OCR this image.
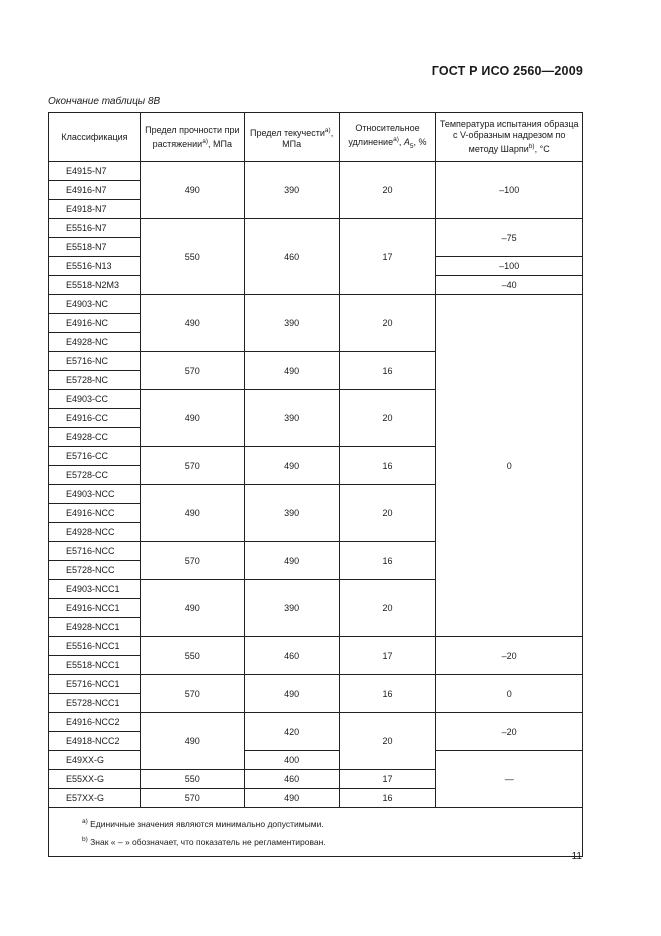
ГОСТ Р ИСО 2560—2009
Окончание таблицы 8В
Классификация	Предел прочности при растяжении$^{а)}$, МПа	Предел текучести$^{а)}$, МПа	Относительное удлинение$^{а)}$, $A_5$, %	Температура испытания образца с V-образным надрезом по методу Шарпи$^{b)}$, °С
E4915-N7	490	390	20	–100
E4916-N7				
E4918-N7				
E5516-N7	550	460	17	–75
E5518-N7				
E5516-N13				–100
E5518-N2M3				–40
E4903-NC	490	390	20	0
E4916-NC				
E4928-NC				
E5716-NC	570	490	16	
E5728-NC				
E4903-CC	490	390	20	
E4916-CC				
E4928-CC				
E5716-CC	570	490	16	
E5728-CC				
E4903-NCC	490	390	20	
E4916-NCC				
E4928-NCC				
E5716-NCC	570	490	16	
E5728-NCC				
E4903-NCC1	490	390	20	
E4916-NCC1				
E4928-NCC1				
E5516-NCC1	550	460	17	–20
E5518-NCC1				
E5716-NCC1	570	490	16	0
E5728-NCC1				
E4916-NCC2	490	420	20	–20
E4918-NCC2				
E49XX-G		400		—
E55XX-G	550	460	17	
E57XX-G	570	490	16	

$^{а)}$ Единичные значения являются минимально допустимыми.
$^{b)}$ Знак « – » обозначает, что показатель не регламентирован.				
11
